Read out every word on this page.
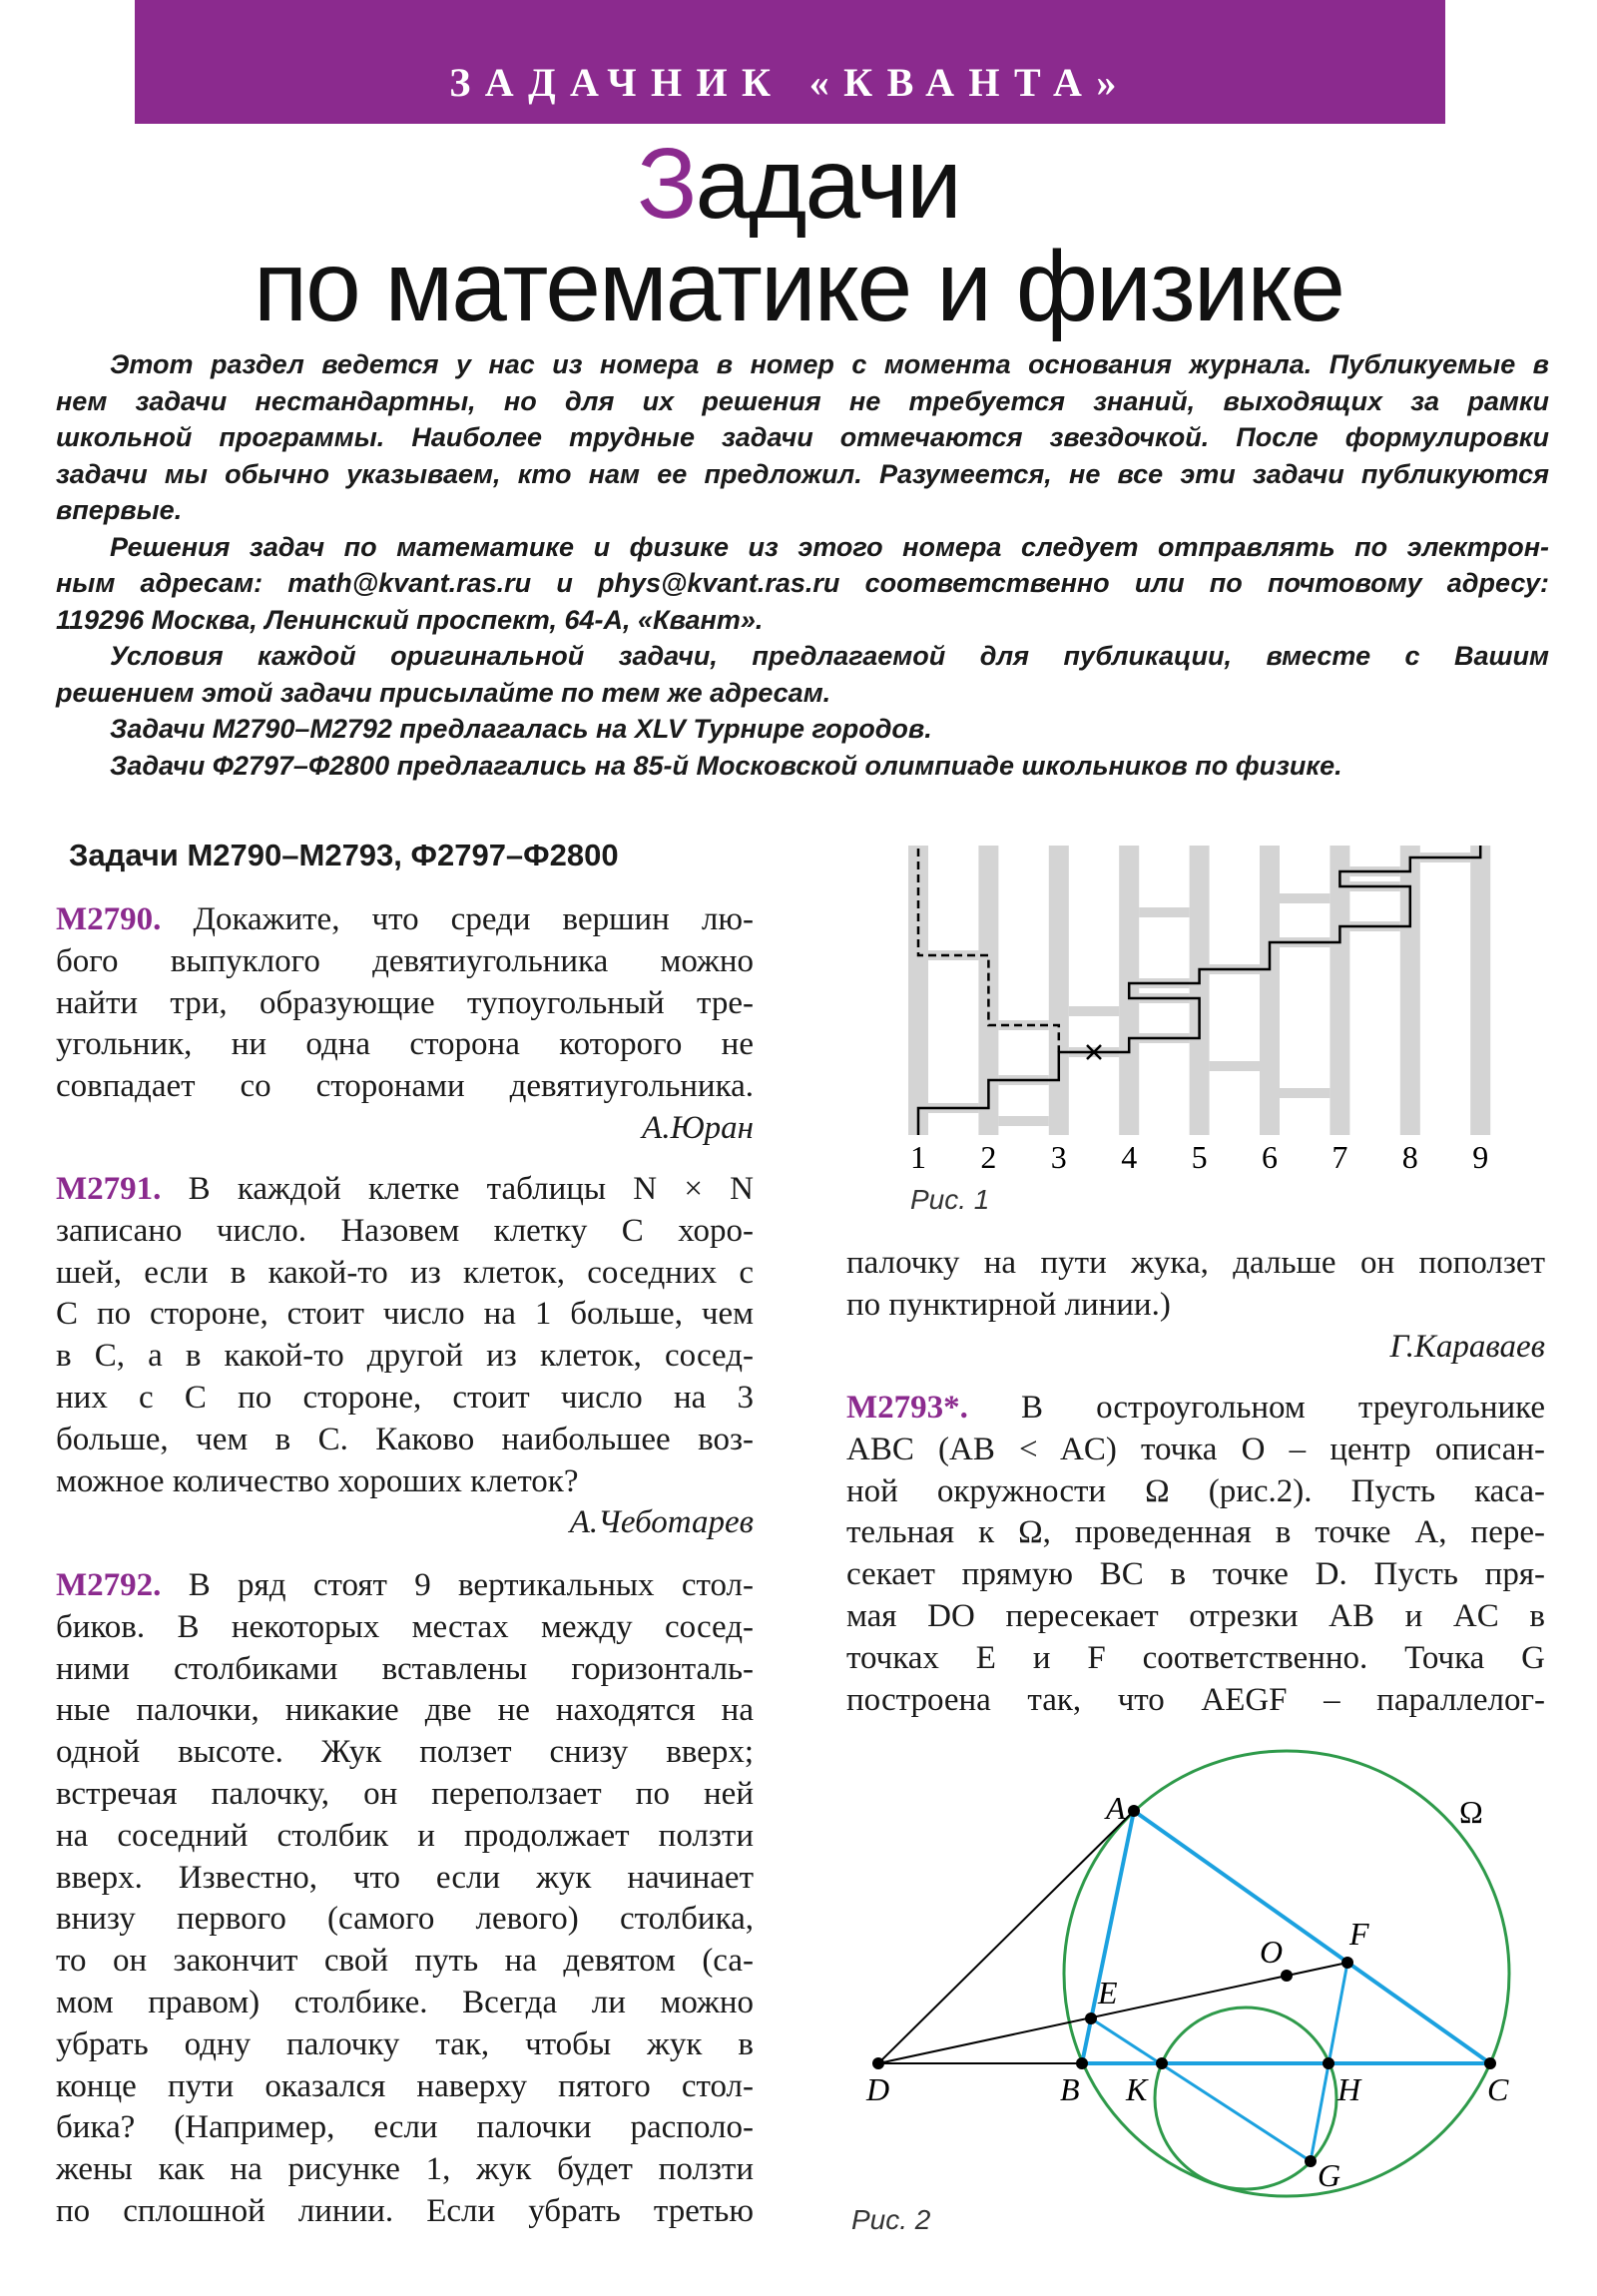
ЗАДАЧНИК «КВАНТА»
Задачи
по математике и физике
Этот раздел ведется у нас из номера в номер с момента основания журнала. Публикуемые в
нем задачи нестандартны, но для их решения не требуется знаний, выходящих за рамки
школьной программы. Наиболее трудные задачи отмечаются звездочкой. После формулировки
задачи мы обычно указываем, кто нам ее предложил. Разумеется, не все эти задачи публикуются
впервые.
Решения задач по математике и физике из этого номера следует отправлять по электрон-
ным адресам: math@kvant.ras.ru и phys@kvant.ras.ru соответственно или по почтовому адресу:
119296 Москва, Ленинский проспект, 64-А, «Квант».
Условия каждой оригинальной задачи, предлагаемой для публикации, вместе с Вашим
решением этой задачи присылайте по тем же адресам.
Задачи М2790–М2792 предлагалась на XLV Турнире городов.
Задачи Ф2797–Ф2800 предлагались на 85-й Московской олимпиаде школьников по физике.
Задачи М2790–М2793, Ф2797–Ф2800
М2790. Докажите, что среди вершин лю-
бого выпуклого девятиугольника можно
найти три, образующие тупоугольный тре-
угольник, ни одна сторона которого не
совпадает со сторонами девятиугольника.
А.Юран
М2791. В каждой клетке таблицы N × N
записано число. Назовем клетку C хоро-
шей, если в какой-то из клеток, соседних с
C по стороне, стоит число на 1 больше, чем
в C, а в какой-то другой из клеток, сосед-
них с C по стороне, стоит число на 3
больше, чем в C. Каково наибольшее воз-
можное количество хороших клеток?
А.Чеботарев
М2792. В ряд стоят 9 вертикальных стол-
биков. В некоторых местах между сосед-
ними столбиками вставлены горизонталь-
ные палочки, никакие две не находятся на
одной высоте. Жук ползет снизу вверх;
встречая палочку, он переползает по ней
на соседний столбик и продолжает ползти
вверх. Известно, что если жук начинает
внизу первого (самого левого) столбика,
то он закончит свой путь на девятом (са-
мом правом) столбике. Всегда ли можно
убрать одну палочку так, чтобы жук в
конце пути оказался наверху пятого стол-
бика? (Например, если палочки располо-
жены как на рисунке 1, жук будет ползти
по сплошной линии. Если убрать третью
палочку на пути жука, дальше он поползет
по пунктирной линии.)
Г.Караваев
М2793*. В остроугольном треугольнике
ABC (AB < AC) точка O – центр описан-
ной окружности Ω (рис.2). Пусть каса-
тельная к Ω, проведенная в точке A, пере-
секает прямую BC в точке D. Пусть пря-
мая DO пересекает отрезки AB и AC в
точках E и F соответственно. Точка G
построена так, что AEGF – параллелог-
Рис. 1
Рис. 2
1 2 3 4 5 6 7 8 9
A
B	C
D
E
F
G
H
K
O
Ω
